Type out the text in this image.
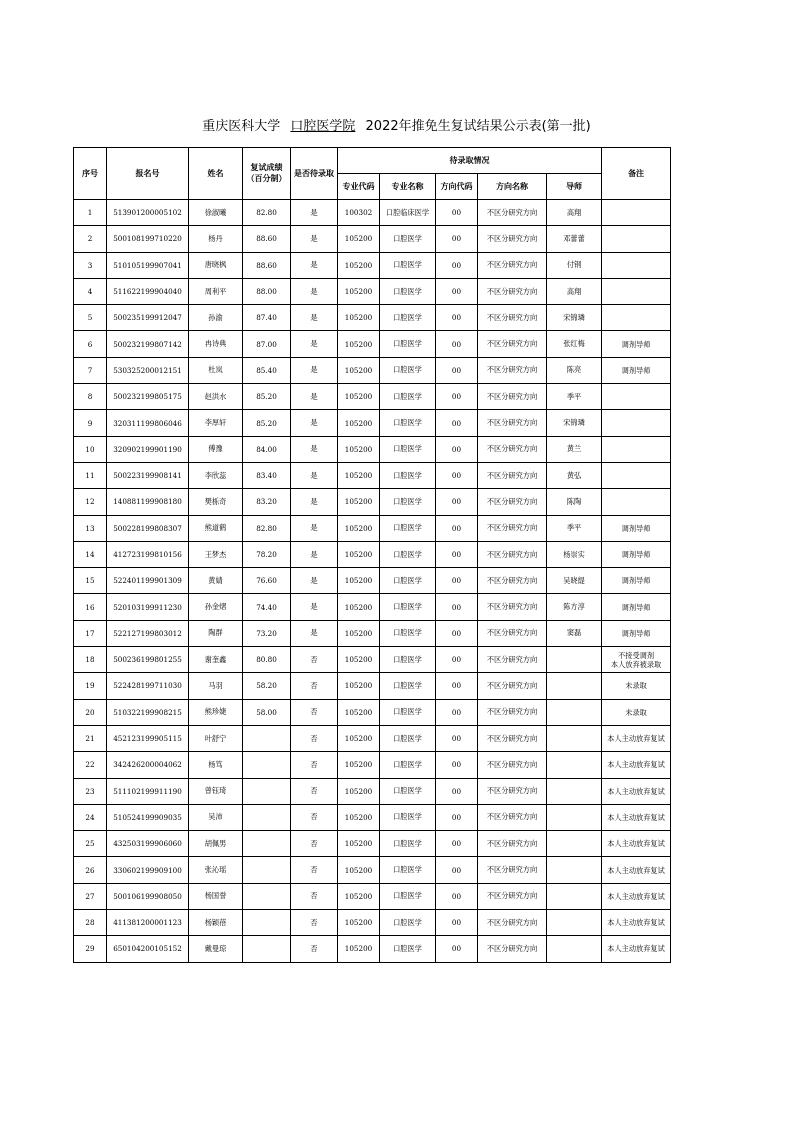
重庆医科大学 口腔医学院 2022年推免生复试结果公示表(第一批)
序号	报名号	姓名	复试成绩
（百分制）	是否待录取	待录取情况					备注
					专业代码	专业名称	方向代码	方向名称	导师	
1	513901200005102	徐淑曦	82.80	是	100302	口腔临床医学	00	不区分研究方向	高翔	
2	500108199710220	杨丹	88.60	是	105200	口腔医学	00	不区分研究方向	邓蕾蕾	
3	510105199907041	唐晓枫	88.60	是	105200	口腔医学	00	不区分研究方向	付钢	
4	511622199904040	周利平	88.00	是	105200	口腔医学	00	不区分研究方向	高翔	
5	500235199912047	孙渝	87.40	是	105200	口腔医学	00	不区分研究方向	宋锦璘	
6	500232199807142	冉诗典	87.00	是	105200	口腔医学	00	不区分研究方向	张红梅	调剂导师
7	530325200012151	杜岚	85.40	是	105200	口腔医学	00	不区分研究方向	陈亮	调剂导师
8	500232199805175	赵洪水	85.20	是	105200	口腔医学	00	不区分研究方向	季平	
9	320311199806046	李厚轩	85.20	是	105200	口腔医学	00	不区分研究方向	宋锦璘	
10	320902199901190	傅豫	84.00	是	105200	口腔医学	00	不区分研究方向	黄兰	
11	500223199908141	李欣蕊	83.40	是	105200	口腔医学	00	不区分研究方向	黄弘	
12	140881199908180	樊栎奇	83.20	是	105200	口腔医学	00	不区分研究方向	陈陶	
13	500228199808307	熊道鹤	82.80	是	105200	口腔医学	00	不区分研究方向	季平	调剂导师
14	412723199810156	王梦杰	78.20	是	105200	口腔医学	00	不区分研究方向	杨崇实	调剂导师
15	522401199901309	黄婧	76.60	是	105200	口腔医学	00	不区分研究方向	吴晓缇	调剂导师
16	520103199911230	孙金熠	74.40	是	105200	口腔医学	00	不区分研究方向	陈方淳	调剂导师
17	522127199803012	陶群	73.20	是	105200	口腔医学	00	不区分研究方向	窦磊	调剂导师
18	500236199801255	谢奎鑫	80.80	否	105200	口腔医学	00	不区分研究方向		不接受调剂
本人放弃被录取
19	522428199711030	马羽	58.20	否	105200	口腔医学	00	不区分研究方向		未录取
20	510322199908215	熊珍婕	58.00	否	105200	口腔医学	00	不区分研究方向		未录取
21	452123199905115	叶舒宁		否	105200	口腔医学	00	不区分研究方向		本人主动放弃复试
22	342426200004062	杨笃		否	105200	口腔医学	00	不区分研究方向		本人主动放弃复试
23	511102199911190	曾钰琦		否	105200	口腔医学	00	不区分研究方向		本人主动放弃复试
24	510524199909035	吴沛		否	105200	口腔医学	00	不区分研究方向		本人主动放弃复试
25	432503199906060	胡佩男		否	105200	口腔医学	00	不区分研究方向		本人主动放弃复试
26	330602199909100	张沁瑶		否	105200	口腔医学	00	不区分研究方向		本人主动放弃复试
27	500106199908050	杨国誉		否	105200	口腔医学	00	不区分研究方向		本人主动放弃复试
28	411381200001123	杨颖蓓		否	105200	口腔医学	00	不区分研究方向		本人主动放弃复试
29	650104200105152	戴曼琼		否	105200	口腔医学	00	不区分研究方向		本人主动放弃复试
